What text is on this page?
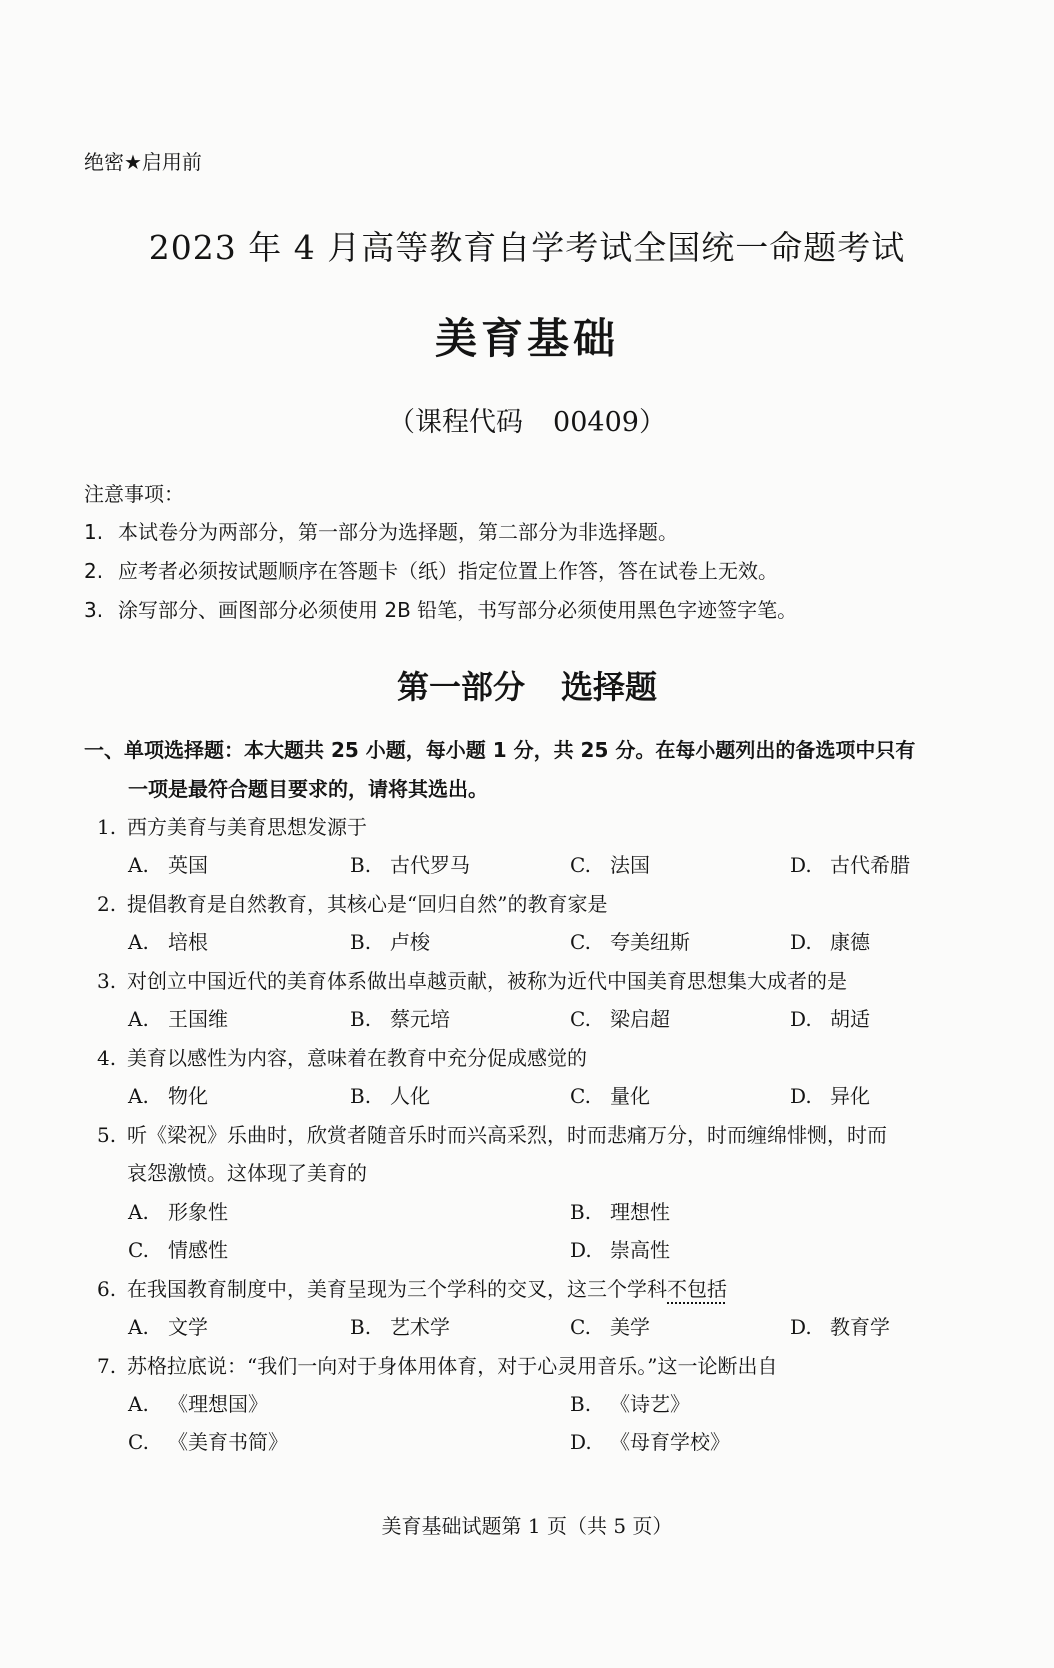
绝密★启用前
2023 年 4 月高等教育自学考试全国统一命题考试
美育基础
（课程代码 00409）
注意事项：
1. 本试卷分为两部分，第一部分为选择题，第二部分为非选择题。
2. 应考者必须按试题顺序在答题卡（纸）指定位置上作答，答在试卷上无效。
3. 涂写部分、画图部分必须使用 2B 铅笔，书写部分必须使用黑色字迹签字笔。
第一部分 选择题
一、单项选择题：本大题共 25 小题，每小题 1 分，共 25 分。在每小题列出的备选项中只有
一项是最符合题目要求的，请将其选出。
1. 西方美育与美育思想发源于
A. 英国	B. 古代罗马	C. 法国	D. 古代希腊
2. 提倡教育是自然教育，其核心是“回归自然”的教育家是
A. 培根	B. 卢梭	C. 夸美纽斯	D. 康德
3. 对创立中国近代的美育体系做出卓越贡献，被称为近代中国美育思想集大成者的是
A. 王国维	B. 蔡元培	C. 梁启超	D. 胡适
4. 美育以感性为内容，意味着在教育中充分促成感觉的
A. 物化	B. 人化	C. 量化	D. 异化
5. 听《梁祝》乐曲时，欣赏者随音乐时而兴高采烈，时而悲痛万分，时而缠绵悱恻，时而
哀怨激愤。这体现了美育的
A. 形象性	B. 理想性
C. 情感性	D. 崇高性
6. 在我国教育制度中，美育呈现为三个学科的交叉，这三个学科不包括
A. 文学	B. 艺术学	C. 美学	D. 教育学
7. 苏格拉底说：“我们一向对于身体用体育，对于心灵用音乐。”这一论断出自
A. 《理想国》	B. 《诗艺》
C. 《美育书简》	D. 《母育学校》
美育基础试题第 1 页（共 5 页）
